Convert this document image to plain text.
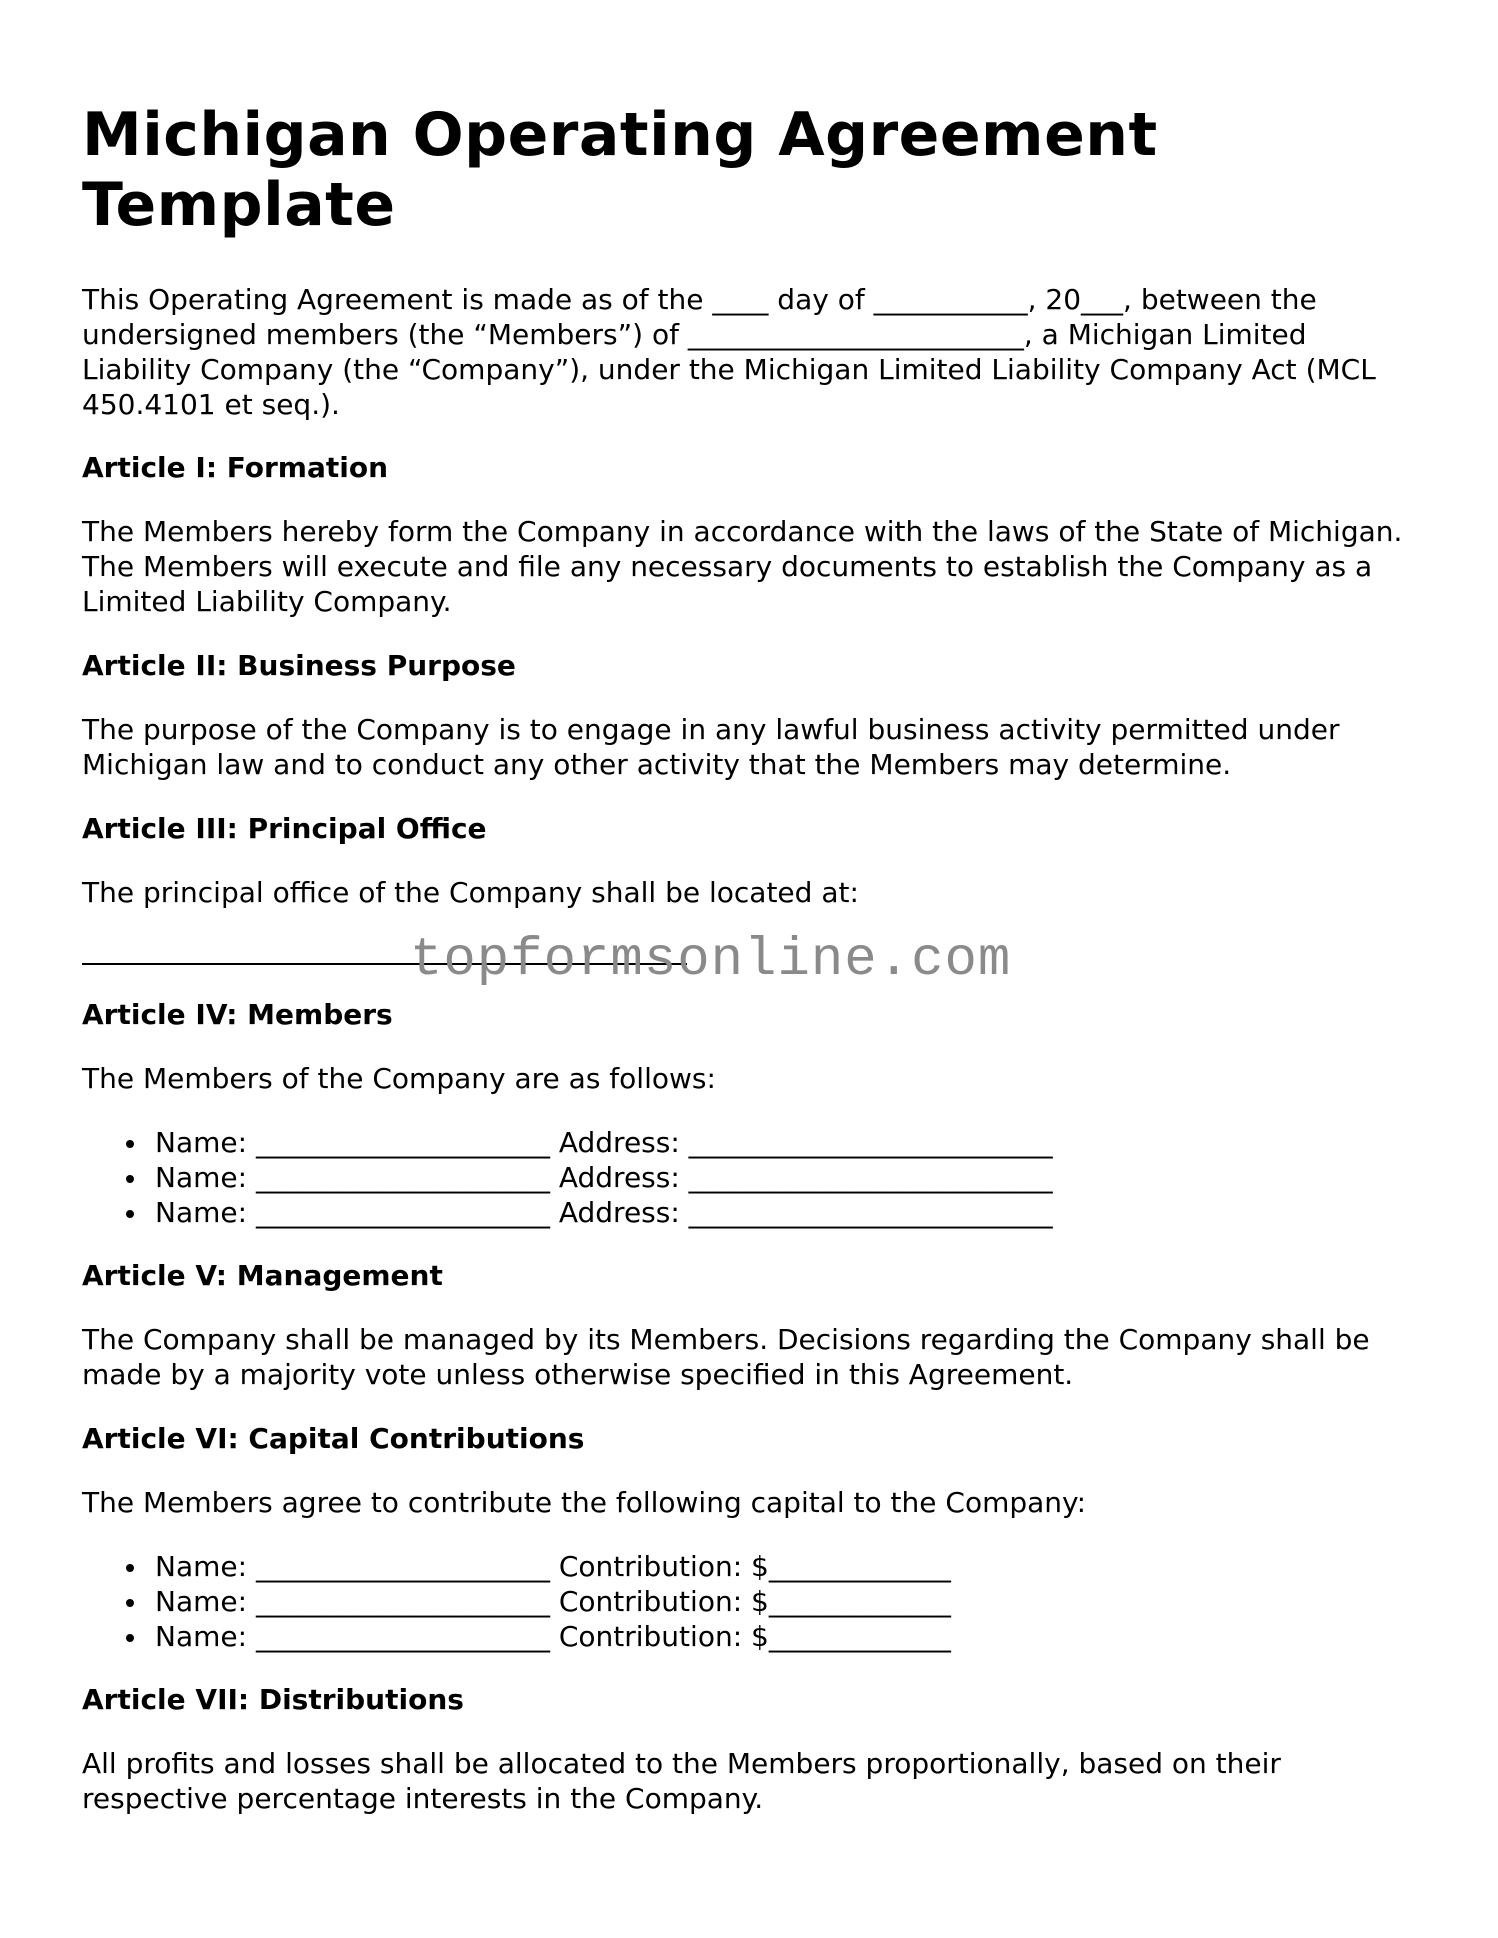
Michigan Operating Agreement Template

This Operating Agreement is made as of the ____ day of ___________, 20___, between the undersigned members (the “Members”) of ________________________, a Michigan Limited Liability Company (the “Company”), under the Michigan Limited Liability Company Act (MCL 450.4101 et seq.).

Article I: Formation

The Members hereby form the Company in accordance with the laws of the State of Michigan. The Members will execute and file any necessary documents to establish the Company as a Limited Liability Company.

Article II: Business Purpose

The purpose of the Company is to engage in any lawful business activity permitted under Michigan law and to conduct any other activity that the Members may determine.

Article III: Principal Office

The principal office of the Company shall be located at:

topformsonline.com
Article IV: Members

The Members of the Company are as follows:

Name: _____________________ Address: __________________________
Name: _____________________ Address: __________________________
Name: _____________________ Address: __________________________
Article V: Management

The Company shall be managed by its Members. Decisions regarding the Company shall be made by a majority vote unless otherwise specified in this Agreement.

Article VI: Capital Contributions

The Members agree to contribute the following capital to the Company:

Name: _____________________ Contribution: $_____________
Name: _____________________ Contribution: $_____________
Name: _____________________ Contribution: $_____________
Article VII: Distributions

All profits and losses shall be allocated to the Members proportionally, based on their respective percentage interests in the Company.
